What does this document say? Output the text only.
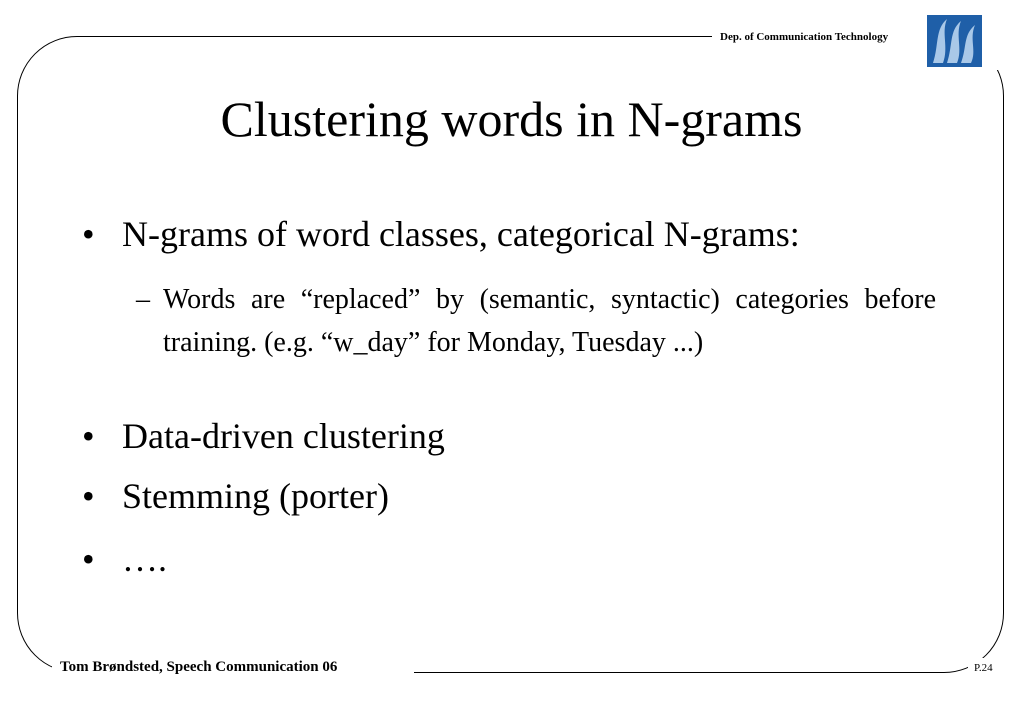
Dep. of Communication Technology
Clustering words in N-grams
• N-grams of word classes, categorical N-grams:
– Words are “replaced” by (semantic, syntactic) categories before training. (e.g. “w_day” for Monday, Tuesday ...)
• Data-driven clustering
• Stemming (porter)
• ….
Tom Brøndsted, Speech Communication 06	P.24
